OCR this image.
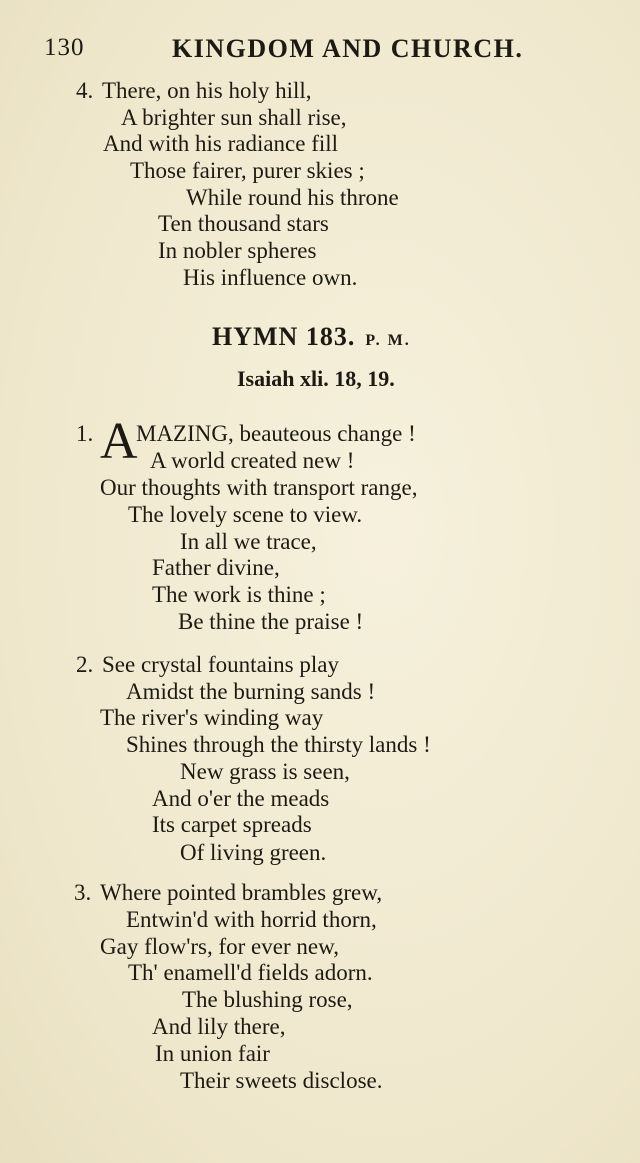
130	KINGDOM AND CHURCH.
4. There, on his holy hill,
A brighter sun shall rise,
And with his radiance fill
Those fairer, purer skies ;
While round his throne
Ten thousand stars
In nobler spheres
His influence own.
HYMN 183. P. M.
Isaiah xli. 18, 19.
1. A
MAZING, beauteous change !
A world created new !
Our thoughts with transport range,
The lovely scene to view.
In all we trace,
Father divine,
The work is thine ;
Be thine the praise !
2. See crystal fountains play
Amidst the burning sands !
The river's winding way
Shines through the thirsty lands !
New grass is seen,
And o'er the meads
Its carpet spreads
Of living green.
3. Where pointed brambles grew,
Entwin'd with horrid thorn,
Gay flow'rs, for ever new,
Th' enamell'd fields adorn.
The blushing rose,
And lily there,
In union fair
Their sweets disclose.
